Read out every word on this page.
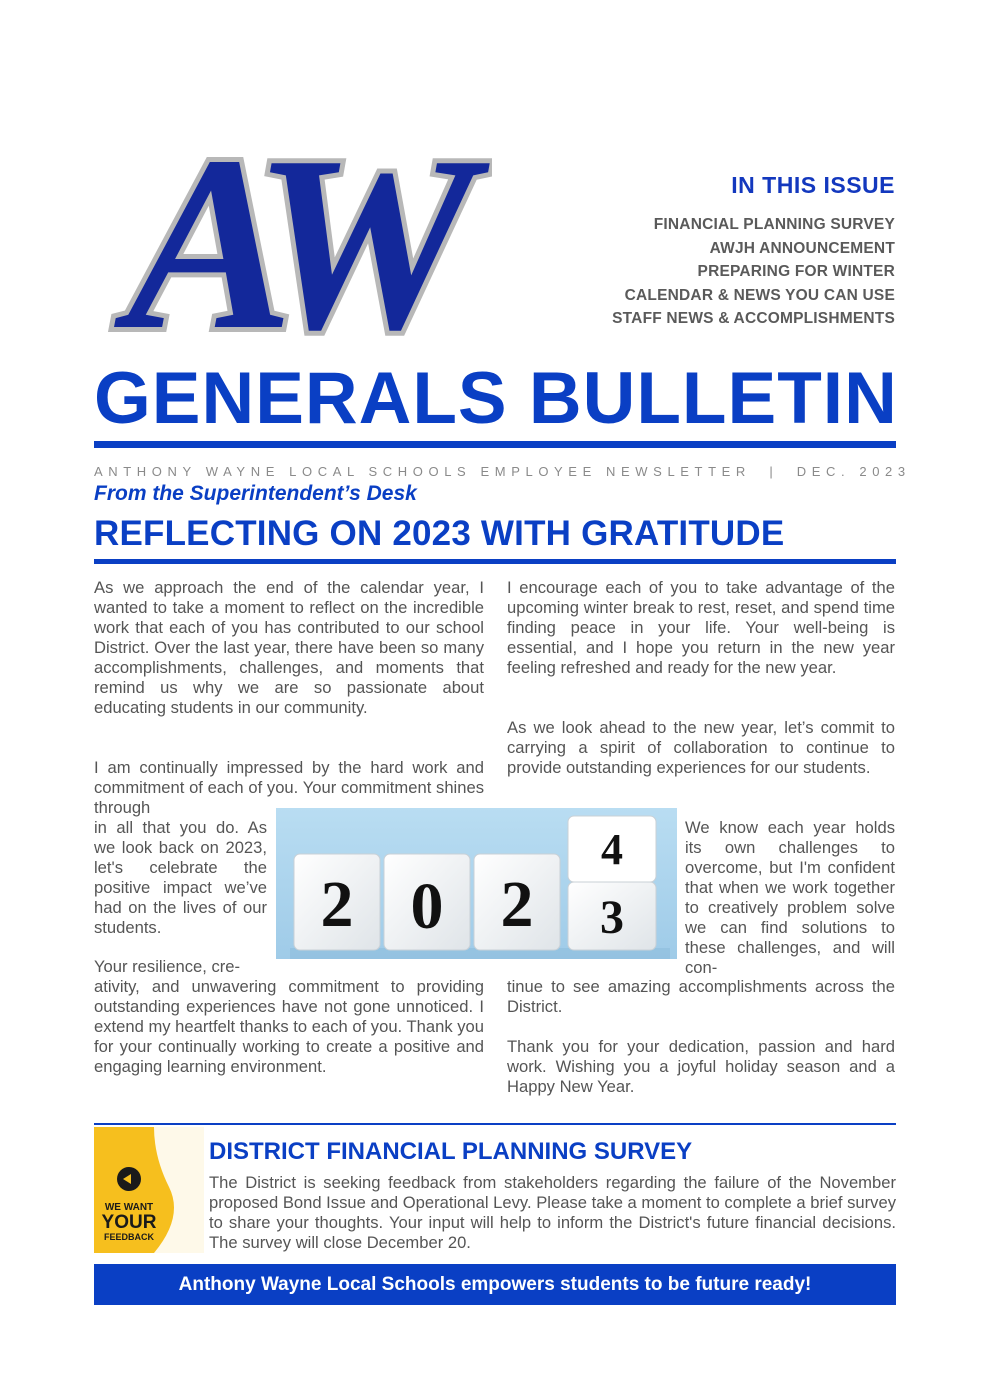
AW	IN THIS ISSUE
FINANCIAL PLANNING SURVEY
AWJH ANNOUNCEMENT
PREPARING FOR WINTER
CALENDAR & NEWS YOU CAN USE
STAFF NEWS & ACCOMPLISHMENTS
GENERALS BULLETIN
ANTHONY WAYNE LOCAL SCHOOLS EMPLOYEE NEWSLETTER  |  DEC. 2023
From the Superintendent’s Desk
REFLECTING ON 2023 WITH GRATITUDE

As we approach the end of the calendar year, I wanted to take a moment to reflect on the incredible work that each of you has contributed to our school District. Over the last year, there have been so many accomplishments, challenges, and moments that remind us why we are so passionate about educating students in our community.

I am continually impressed by the hard work and commitment of each of you. Your commitment shines through

in all that you do. As we look back on 2023, let's celebrate the positive impact we’ve had on the lives of our students.

Your resilience, cre-

ativity, and unwavering commitment to providing outstanding experiences have not gone unnoticed. I extend my heartfelt thanks to each of you. Thank you for your continually working to create a positive and engaging learning environment.

I encourage each of you to take advantage of the upcoming winter break to rest, reset, and spend time finding peace in your life. Your well-being is essential, and I hope you return in the new year feeling refreshed and ready for the new year.

As we look ahead to the new year, let’s commit to carrying a spirit of collaboration to continue to provide outstanding experiences for our students.

We know each year holds its own challenges to overcome, but I'm confident that when we work together to creatively problem solve we can find solutions to these challenges, and will con-

tinue to see amazing accomplishments across the District.

Thank you for your dedication, passion and hard work. Wishing you a joyful holiday season and a Happy New Year.

2 0 2
4
3
WE WANT
YOUR
FEEDBACK
DISTRICT FINANCIAL PLANNING SURVEY
The District is seeking feedback from stakeholders regarding the failure of the November proposed Bond Issue and Operational Levy. Please take a moment to complete a brief survey to share your thoughts. Your input will help to inform the District's future financial decisions. The survey will close December 20.
Anthony Wayne Local Schools empowers students to be future ready!
